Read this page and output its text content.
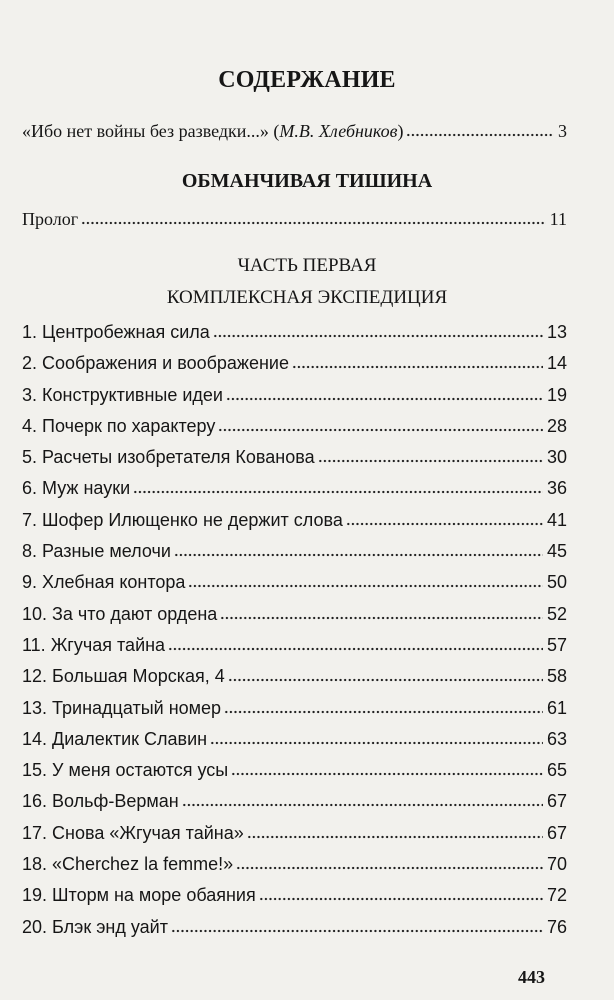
СОДЕРЖАНИЕ
«Ибо нет войны без разведки...» ( М.В. Хлебников )	3
ОБМАНЧИВАЯ ТИШИНА
Пролог	11
ЧАСТЬ ПЕРВАЯ
КОМПЛЕКСНАЯ ЭКСПЕДИЦИЯ
1. Центробежная сила	13
2. Соображения и воображение	14
3. Конструктивные идеи	19
4. Почерк по характеру	28
5. Расчеты изобретателя Кованова	30
6. Муж науки	36
7. Шофер Илющенко не держит слова	41
8. Разные мелочи	45
9. Хлебная контора	50
10. За что дают ордена	52
11. Жгучая тайна	57
12. Большая Морская, 4	58
13. Тринадцатый номер	61
14. Диалектик Славин	63
15. У меня остаются усы	65
16. Вольф-Верман	67
17. Снова «Жгучая тайна»	67
18. «Cherchez la femme!»	70
19. Шторм на море обаяния	72
20. Блэк энд уайт	76
443
